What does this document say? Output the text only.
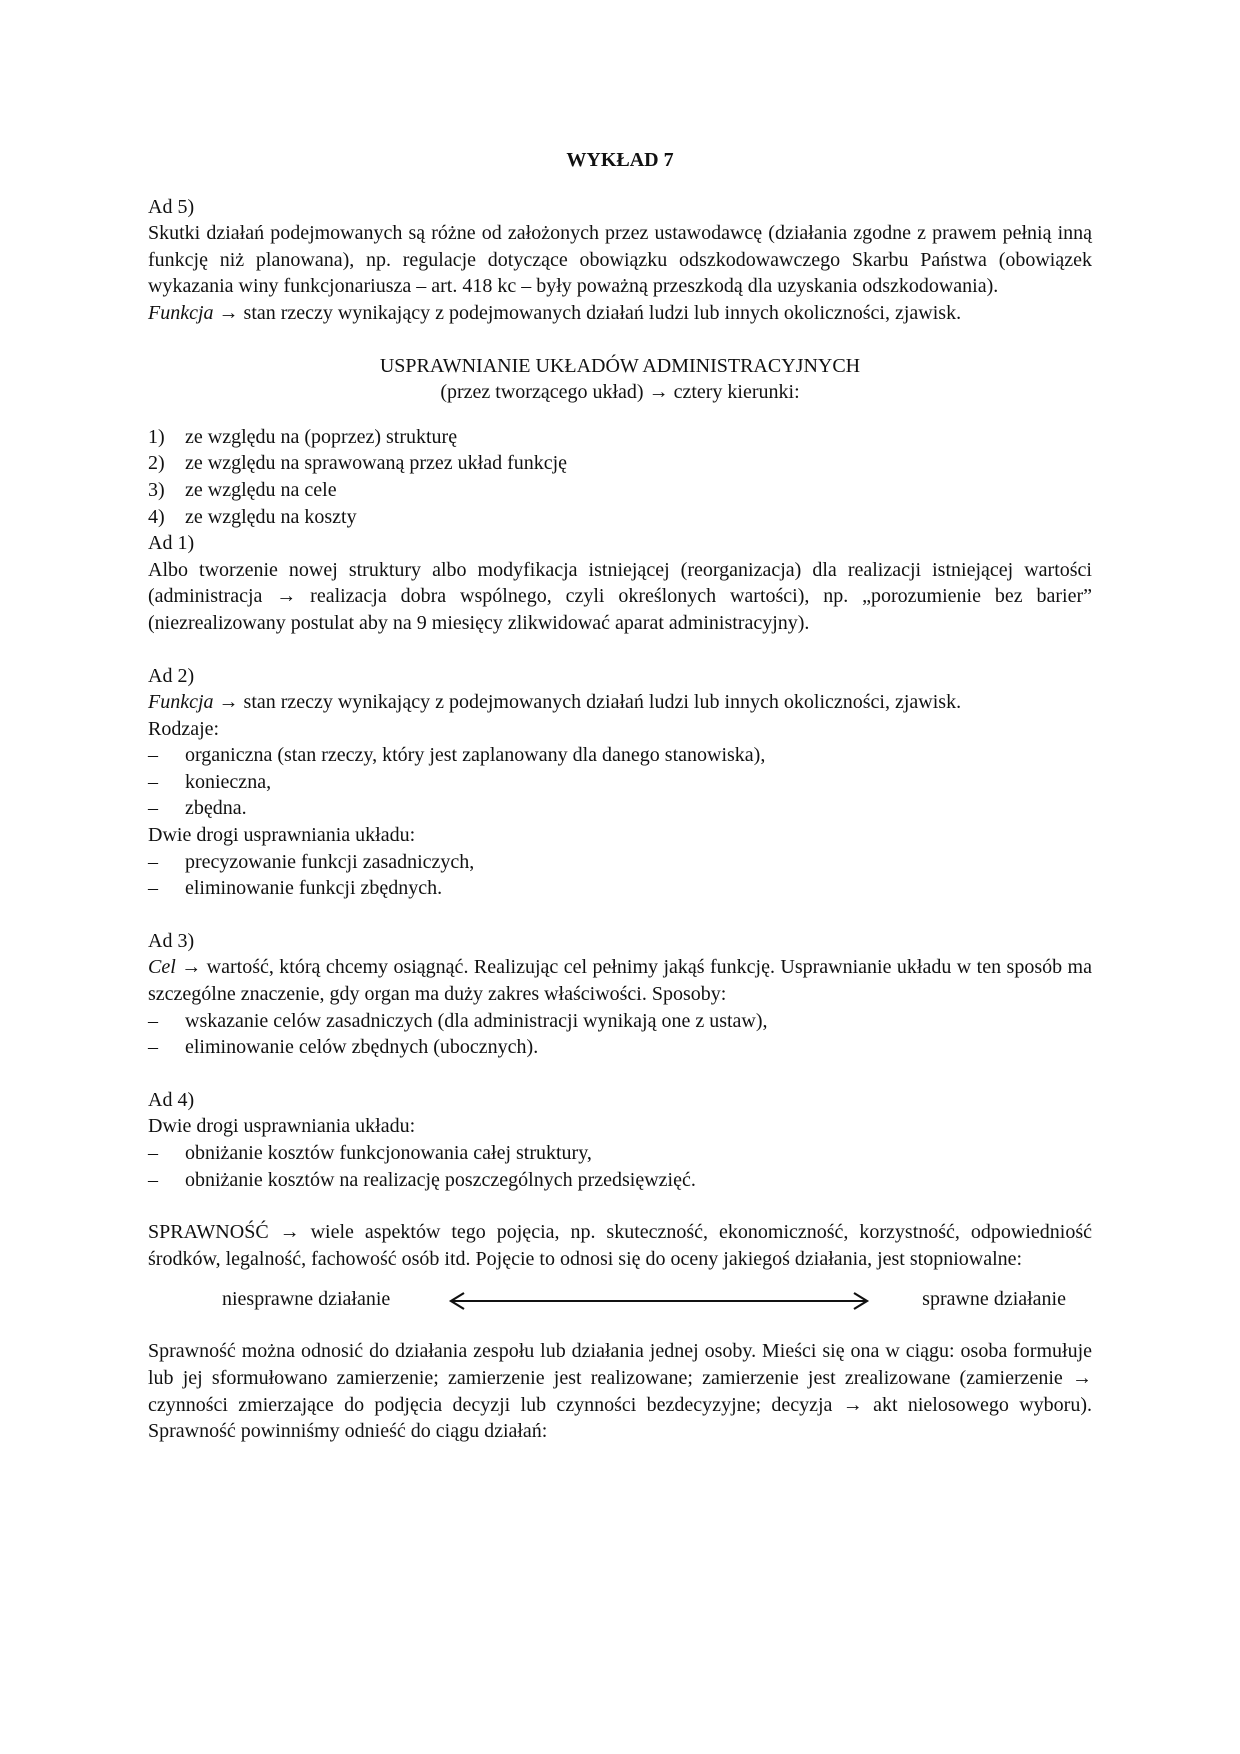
WYKŁAD 7

Ad 5)

Skutki działań podejmowanych są różne od założonych przez ustawodawcę (działania zgodne z prawem pełnią inną funkcję niż planowana), np. regulacje dotyczące obowiązku odszkodowawczego Skarbu Państwa (obowiązek wykazania winy funkcjonariusza – art. 418 kc – były poważną przeszkodą dla uzyskania odszkodowania).

Funkcja → stan rzeczy wynikający z podejmowanych działań ludzi lub innych okoliczności, zjawisk.

USPRAWNIANIE UKŁADÓW ADMINISTRACYJNYCH

(przez tworzącego układ) → cztery kierunki:

1) ze względu na (poprzez) strukturę
2) ze względu na sprawowaną przez układ funkcję
3) ze względu na cele
4) ze względu na koszty

Ad 1)

Albo tworzenie nowej struktury albo modyfikacja istniejącej (reorganizacja) dla realizacji istniejącej wartości (administracja → realizacja dobra wspólnego, czyli określonych wartości), np. „porozumienie bez barier” (niezrealizowany postulat aby na 9 miesięcy zlikwidować aparat administracyjny).

Ad 2)

Funkcja → stan rzeczy wynikający z podejmowanych działań ludzi lub innych okoliczności, zjawisk.

Rodzaje:

– organiczna (stan rzeczy, który jest zaplanowany dla danego stanowiska),
– konieczna,
– zbędna.

Dwie drogi usprawniania układu:

– precyzowanie funkcji zasadniczych,
– eliminowanie funkcji zbędnych.

Ad 3)

Cel → wartość, którą chcemy osiągnąć. Realizując cel pełnimy jakąś funkcję. Usprawnianie układu w ten sposób ma szczególne znaczenie, gdy organ ma duży zakres właściwości. Sposoby:

– wskazanie celów zasadniczych (dla administracji wynikają one z ustaw),
– eliminowanie celów zbędnych (ubocznych).

Ad 4)

Dwie drogi usprawniania układu:

– obniżanie kosztów funkcjonowania całej struktury,
– obniżanie kosztów na realizację poszczególnych przedsięwzięć.

SPRAWNOŚĆ → wiele aspektów tego pojęcia, np. skuteczność, ekonomiczność, korzystność, odpowiedniość środków, legalność, fachowość osób itd. Pojęcie to odnosi się do oceny jakiegoś działania, jest stopniowalne:

niesprawne działanie	sprawne działanie

Sprawność można odnosić do działania zespołu lub działania jednej osoby. Mieści się ona w ciągu: osoba formułuje lub jej sformułowano zamierzenie; zamierzenie jest realizowane; zamierzenie jest zrealizowane (zamierzenie → czynności zmierzające do podjęcia decyzji lub czynności bezdecyzyjne; decyzja → akt nielosowego wyboru). Sprawność powinniśmy odnieść do ciągu działań:
